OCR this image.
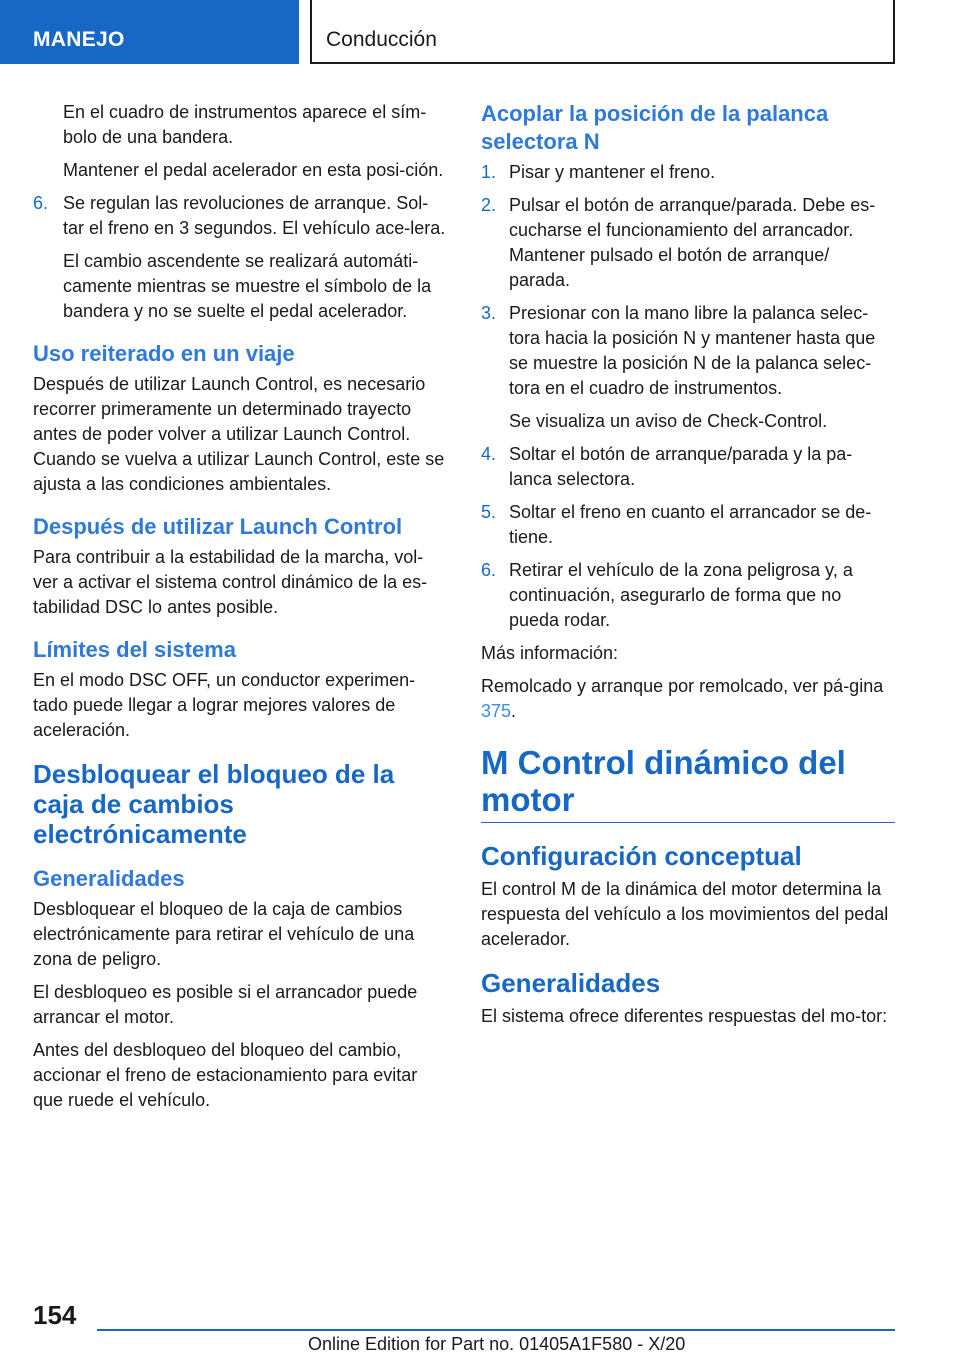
MANEJO	Conducción

En el cuadro de instrumentos aparece el sím-bolo de una bandera.

Mantener el pedal acelerador en esta posi-ción.

6. Se regulan las revoluciones de arranque. Sol-tar el freno en 3 segundos. El vehículo ace-lera.

El cambio ascendente se realizará automáti-camente mientras se muestre el símbolo de la bandera y no se suelte el pedal acelerador.

Uso reiterado en un viaje

Después de utilizar Launch Control, es necesario recorrer primeramente un determinado trayecto antes de poder volver a utilizar Launch Control. Cuando se vuelva a utilizar Launch Control, este se ajusta a las condiciones ambientales.

Después de utilizar Launch Control

Para contribuir a la estabilidad de la marcha, vol-ver a activar el sistema control dinámico de la es-tabilidad DSC lo antes posible.

Límites del sistema

En el modo DSC OFF, un conductor experimen-tado puede llegar a lograr mejores valores de aceleración.

Desbloquear el bloqueo de la caja de cambios electrónicamente
Generalidades

Desbloquear el bloqueo de la caja de cambios electrónicamente para retirar el vehículo de una zona de peligro.

El desbloqueo es posible si el arrancador puede arrancar el motor.

Antes del desbloqueo del bloqueo del cambio, accionar el freno de estacionamiento para evitar que ruede el vehículo.

Acoplar la posición de la palanca selectora N
1. Pisar y mantener el freno.
2. Pulsar el botón de arranque/parada. Debe es-cucharse el funcionamiento del arrancador. Mantener pulsado el botón de arranque/ parada.
3. Presionar con la mano libre la palanca selec-tora hacia la posición N y mantener hasta que se muestre la posición N de la palanca selec-tora en el cuadro de instrumentos.

Se visualiza un aviso de Check-Control.

4. Soltar el botón de arranque/parada y la pa-lanca selectora.
5. Soltar el freno en cuanto el arrancador se de-tiene.
6. Retirar el vehículo de la zona peligrosa y, a continuación, asegurarlo de forma que no pueda rodar.

Más información:

Remolcado y arranque por remolcado, ver pá-gina 375.

M Control dinámico del motor
Configuración conceptual

El control M de la dinámica del motor determina la respuesta del vehículo a los movimientos del pedal acelerador.

Generalidades

El sistema ofrece diferentes respuestas del mo-tor:

154
Online Edition for Part no. 01405A1F580 - X/20
